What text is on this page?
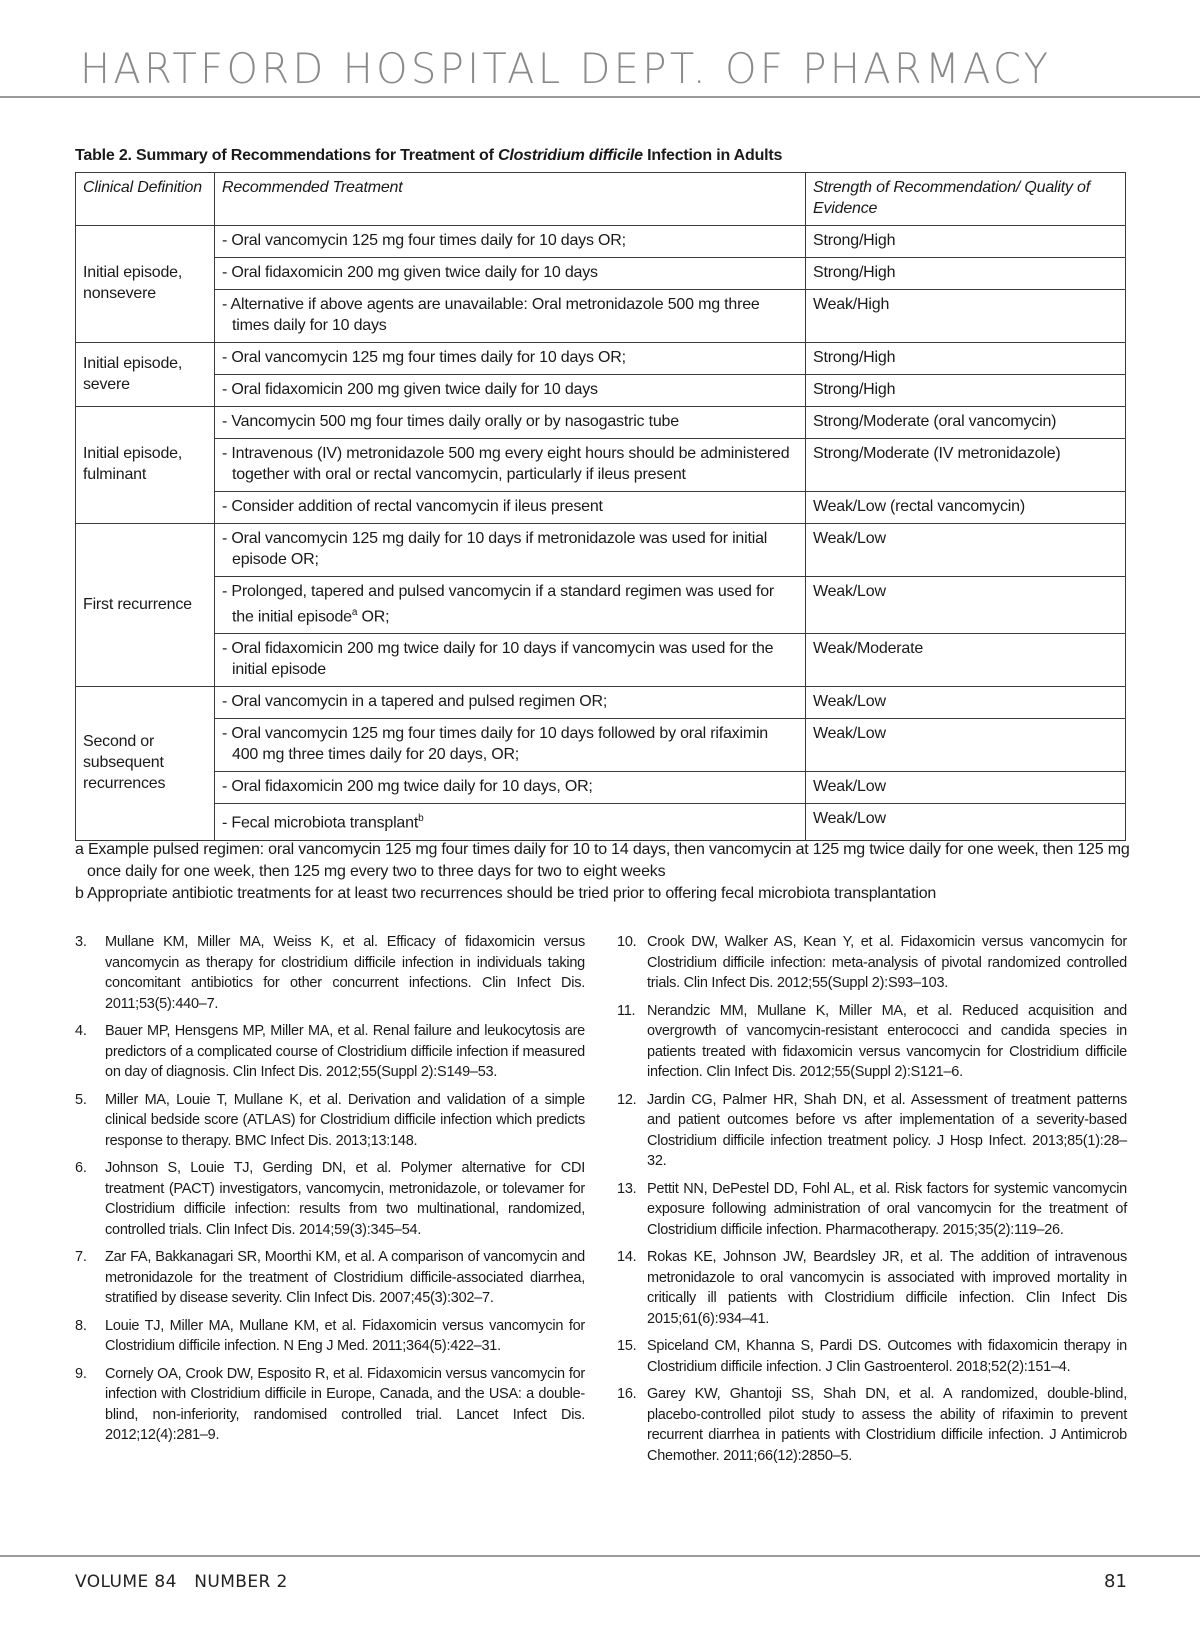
HARTFORD HOSPITAL DEPT. OF PHARMACY
Table 2. Summary of Recommendations for Treatment of Clostridium difficile Infection in Adults
Clinical Definition	Recommended Treatment	Strength of Recommendation/ Quality of Evidence
Initial episode, nonsevere	- Oral vancomycin 125 mg four times daily for 10 days OR;	Strong/High

	- Oral fidaxomicin 200 mg given twice daily for 10 days	Strong/High

	- Alternative if above agents are unavailable: Oral metronidazole 500 mg three times daily for 10 days	Weak/High
Initial episode, severe	- Oral vancomycin 125 mg four times daily for 10 days OR;	Strong/High

	- Oral fidaxomicin 200 mg given twice daily for 10 days	Strong/High
Initial episode, fulminant	- Vancomycin 500 mg four times daily orally or by nasogastric tube	Strong/Moderate (oral vancomycin)

	- Intravenous (IV) metronidazole 500 mg every eight hours should be administered together with oral or rectal vancomycin, particularly if ileus present	Strong/Moderate (IV metronidazole)

	- Consider addition of rectal vancomycin if ileus present	Weak/Low (rectal vancomycin)
First recurrence	- Oral vancomycin 125 mg daily for 10 days if metronidazole was used for initial episode OR;	Weak/Low

	- Prolonged, tapered and pulsed vancomycin if a standard regimen was used for the initial episode$^a$ OR;	Weak/Low

	- Oral fidaxomicin 200 mg twice daily for 10 days if vancomycin was used for the initial episode	Weak/Moderate
Second or subsequent recurrences	- Oral vancomycin in a tapered and pulsed regimen OR;	Weak/Low

	- Oral vancomycin 125 mg four times daily for 10 days followed by oral rifaximin 400 mg three times daily for 20 days, OR;	Weak/Low

	- Oral fidaxomicin 200 mg twice daily for 10 days, OR;	Weak/Low

	- Fecal microbiota transplant$^b$	Weak/Low
a Example pulsed regimen: oral vancomycin 125 mg four times daily for 10 to 14 days, then vancomycin at 125 mg twice daily for one week, then 125 mg once daily for one week, then 125 mg every two to three days for two to eight weeks
b Appropriate antibiotic treatments for at least two recurrences should be tried prior to offering fecal microbiota transplantation
3.	Mullane KM, Miller MA, Weiss K, et al. Efficacy of fidaxomicin versus vancomycin as therapy for clostridium difficile infection in individuals taking concomitant antibiotics for other concurrent infections. Clin Infect Dis. 2011;53(5):440–7.
4.	Bauer MP, Hensgens MP, Miller MA, et al. Renal failure and leukocytosis are predictors of a complicated course of Clostridium difficile infection if measured on day of diagnosis. Clin Infect Dis. 2012;55(Suppl 2):S149–53.
5.	Miller MA, Louie T, Mullane K, et al. Derivation and validation of a simple clinical bedside score (ATLAS) for Clostridium difficile infection which predicts response to therapy. BMC Infect Dis. 2013;13:148.
6.	Johnson S, Louie TJ, Gerding DN, et al. Polymer alternative for CDI treatment (PACT) investigators, vancomycin, metronidazole, or tolevamer for Clostridium difficile infection: results from two multinational, randomized, controlled trials. Clin Infect Dis. 2014;59(3):345–54.
7.	Zar FA, Bakkanagari SR, Moorthi KM, et al. A comparison of vancomycin and metronidazole for the treatment of Clostridium difficile-associated diarrhea, stratified by disease severity. Clin Infect Dis. 2007;45(3):302–7.
8.	Louie TJ, Miller MA, Mullane KM, et al. Fidaxomicin versus vancomycin for Clostridium difficile infection. N Eng J Med. 2011;364(5):422–31.
9.	Cornely OA, Crook DW, Esposito R, et al. Fidaxomicin versus vancomycin for infection with Clostridium difficile in Europe, Canada, and the USA: a double-blind, non-inferiority, randomised controlled trial. Lancet Infect Dis. 2012;12(4):281–9.
10. Crook DW, Walker AS, Kean Y, et al. Fidaxomicin versus vancomycin for Clostridium difficile infection: meta-analysis of pivotal randomized controlled trials. Clin Infect Dis. 2012;55(Suppl 2):S93–103.
11. Nerandzic MM, Mullane K, Miller MA, et al. Reduced acquisition and overgrowth of vancomycin-resistant enterococci and candida species in patients treated with fidaxomicin versus vancomycin for Clostridium difficile infection. Clin Infect Dis. 2012;55(Suppl 2):S121–6.
12. Jardin CG, Palmer HR, Shah DN, et al. Assessment of treatment patterns and patient outcomes before vs after implementation of a severity-based Clostridium difficile infection treatment policy. J Hosp Infect. 2013;85(1):28–32.
13. Pettit NN, DePestel DD, Fohl AL, et al. Risk factors for systemic vancomycin exposure following administration of oral vancomycin for the treatment of Clostridium difficile infection. Pharmacotherapy. 2015;35(2):119–26.
14. Rokas KE, Johnson JW, Beardsley JR, et al. The addition of intravenous metronidazole to oral vancomycin is associated with improved mortality in critically ill patients with Clostridium difficile infection. Clin Infect Dis 2015;61(6):934–41.
15. Spiceland CM, Khanna S, Pardi DS. Outcomes with fidaxomicin therapy in Clostridium difficile infection. J Clin Gastroenterol. 2018;52(2):151–4.
16. Garey KW, Ghantoji SS, Shah DN, et al. A randomized, double-blind, placebo-controlled pilot study to assess the ability of rifaximin to prevent recurrent diarrhea in patients with Clostridium difficile infection. J Antimicrob Chemother. 2011;66(12):2850–5.
VOLUME 84   NUMBER 2	81
